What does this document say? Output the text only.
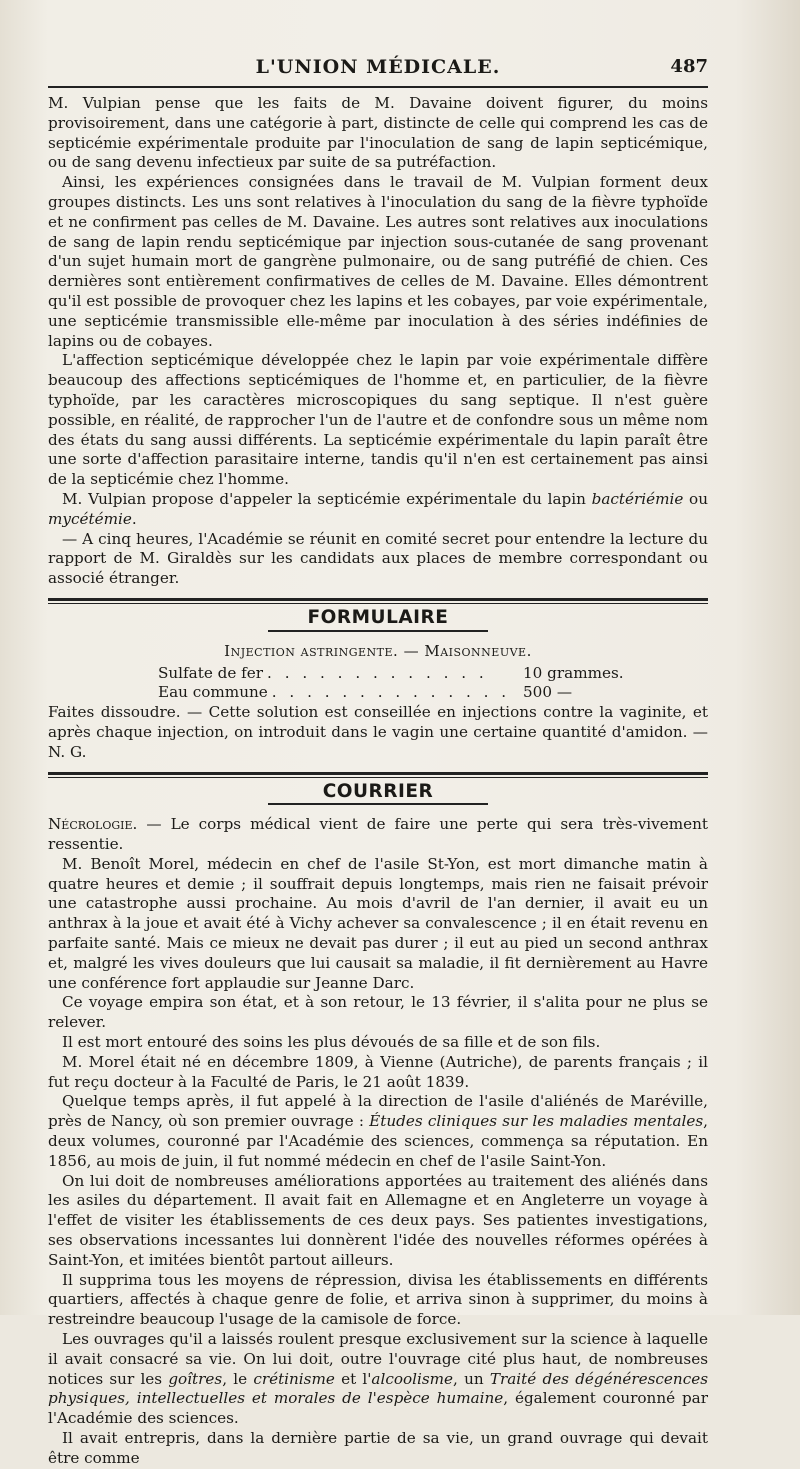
L'UNION MÉDICALE.	487

M. Vulpian pense que les faits de M. Davaine doivent figurer, du moins provisoirement, dans une catégorie à part, distincte de celle qui comprend les cas de septicémie expérimentale produite par l'inoculation de sang de lapin septicémique, ou de sang devenu infectieux par suite de sa putréfaction.

Ainsi, les expériences consignées dans le travail de M. Vulpian forment deux groupes distincts. Les uns sont relatives à l'inoculation du sang de la fièvre typhoïde et ne confirment pas celles de M. Davaine. Les autres sont relatives aux inoculations de sang de lapin rendu septicémique par injection sous-cutanée de sang provenant d'un sujet humain mort de gangrène pulmonaire, ou de sang putréfié de chien. Ces dernières sont entièrement confirmatives de celles de M. Davaine. Elles démontrent qu'il est possible de provoquer chez les lapins et les cobayes, par voie expérimentale, une septicémie transmissible elle-même par inoculation à des séries indéfinies de lapins ou de cobayes.

L'affection septicémique développée chez le lapin par voie expérimentale diffère beaucoup des affections septicémiques de l'homme et, en particulier, de la fièvre typhoïde, par les caractères microscopiques du sang septique. Il n'est guère possible, en réalité, de rapprocher l'un de l'autre et de confondre sous un même nom des états du sang aussi différents. La septicémie expérimentale du lapin paraît être une sorte d'affection parasitaire interne, tandis qu'il n'en est certainement pas ainsi de la septicémie chez l'homme.

M. Vulpian propose d'appeler la septicémie expérimentale du lapin bactériémie ou mycétémie.

— A cinq heures, l'Académie se réunit en comité secret pour entendre la lecture du rapport de M. Giraldès sur les candidats aux places de membre correspondant ou associé étranger.

FORMULAIRE
Injection astringente. — Maisonneuve.
Sulfate de fer . . . . . . . . . . . . .	10 grammes.
Eau commune . . . . . . . . . . . . . . 500 —

Faites dissoudre. — Cette solution est conseillée en injections contre la vaginite, et après chaque injection, on introduit dans le vagin une certaine quantité d'amidon. — N. G.

COURRIER

Nécrologie. — Le corps médical vient de faire une perte qui sera très-vivement ressentie.

M. Benoît Morel, médecin en chef de l'asile St-Yon, est mort dimanche matin à quatre heures et demie ; il souffrait depuis longtemps, mais rien ne faisait prévoir une catastrophe aussi prochaine. Au mois d'avril de l'an dernier, il avait eu un anthrax à la joue et avait été à Vichy achever sa convalescence ; il en était revenu en parfaite santé. Mais ce mieux ne devait pas durer ; il eut au pied un second anthrax et, malgré les vives douleurs que lui causait sa maladie, il fit dernièrement au Havre une conférence fort applaudie sur Jeanne Darc.

Ce voyage empira son état, et à son retour, le 13 février, il s'alita pour ne plus se relever.

Il est mort entouré des soins les plus dévoués de sa fille et de son fils.

M. Morel était né en décembre 1809, à Vienne (Autriche), de parents français ; il fut reçu docteur à la Faculté de Paris, le 21 août 1839.

Quelque temps après, il fut appelé à la direction de l'asile d'aliénés de Maréville, près de Nancy, où son premier ouvrage : Études cliniques sur les maladies mentales, deux volumes, couronné par l'Académie des sciences, commença sa réputation. En 1856, au mois de juin, il fut nommé médecin en chef de l'asile Saint-Yon.

On lui doit de nombreuses améliorations apportées au traitement des aliénés dans les asiles du département. Il avait fait en Allemagne et en Angleterre un voyage à l'effet de visiter les établissements de ces deux pays. Ses patientes investigations, ses observations incessantes lui donnèrent l'idée des nouvelles réformes opérées à Saint-Yon, et imitées bientôt partout ailleurs.

Il supprima tous les moyens de répression, divisa les établissements en différents quartiers, affectés à chaque genre de folie, et arriva sinon à supprimer, du moins à restreindre beaucoup l'usage de la camisole de force.

Les ouvrages qu'il a laissés roulent presque exclusivement sur la science à laquelle il avait consacré sa vie. On lui doit, outre l'ouvrage cité plus haut, de nombreuses notices sur les goîtres, le crétinisme et l'alcoolisme, un Traité des dégénérescences physiques, intellectuelles et morales de l'espèce humaine, également couronné par l'Académie des sciences.

Il avait entrepris, dans la dernière partie de sa vie, un grand ouvrage qui devait être comme
